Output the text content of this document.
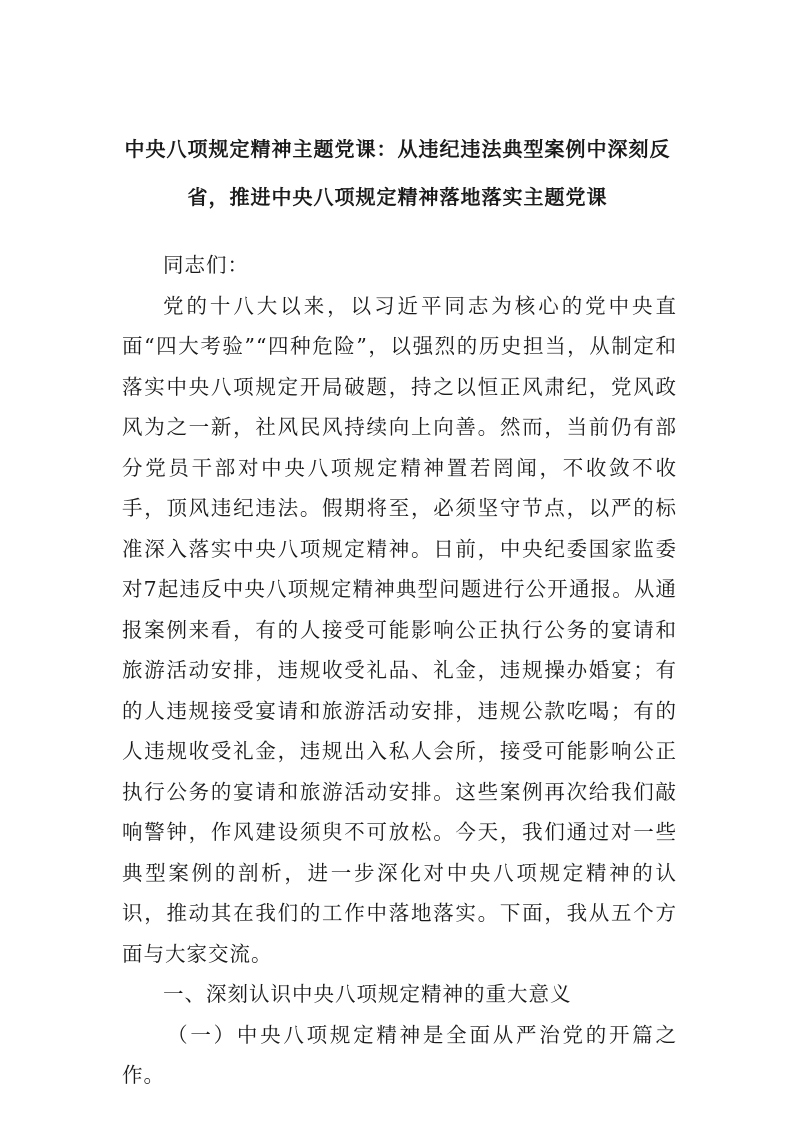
中央八项规定精神主题党课：从违纪违法典型案例中深刻反省，推进中央八项规定精神落地落实主题党课

同志们：

党的十八大以来，以习近平同志为核心的党中央直面“四大考验”“四种危险”，以强烈的历史担当，从制定和落实中央八项规定开局破题，持之以恒正风肃纪，党风政风为之一新，社风民风持续向上向善。然而，当前仍有部分党员干部对中央八项规定精神置若罔闻，不收敛不收手，顶风违纪违法。假期将至，必须坚守节点，以严的标准深入落实中央八项规定精神。日前，中央纪委国家监委对7起违反中央八项规定精神典型问题进行公开通报。从通报案例来看，有的人接受可能影响公正执行公务的宴请和旅游活动安排，违规收受礼品、礼金，违规操办婚宴；有的人违规接受宴请和旅游活动安排，违规公款吃喝；有的人违规收受礼金，违规出入私人会所，接受可能影响公正执行公务的宴请和旅游活动安排。这些案例再次给我们敲响警钟，作风建设须臾不可放松。今天，我们通过对一些典型案例的剖析，进一步深化对中央八项规定精神的认识，推动其在我们的工作中落地落实。下面，我从五个方面与大家交流。

一、深刻认识中央八项规定精神的重大意义

（一）中央八项规定精神是全面从严治党的开篇之作。
